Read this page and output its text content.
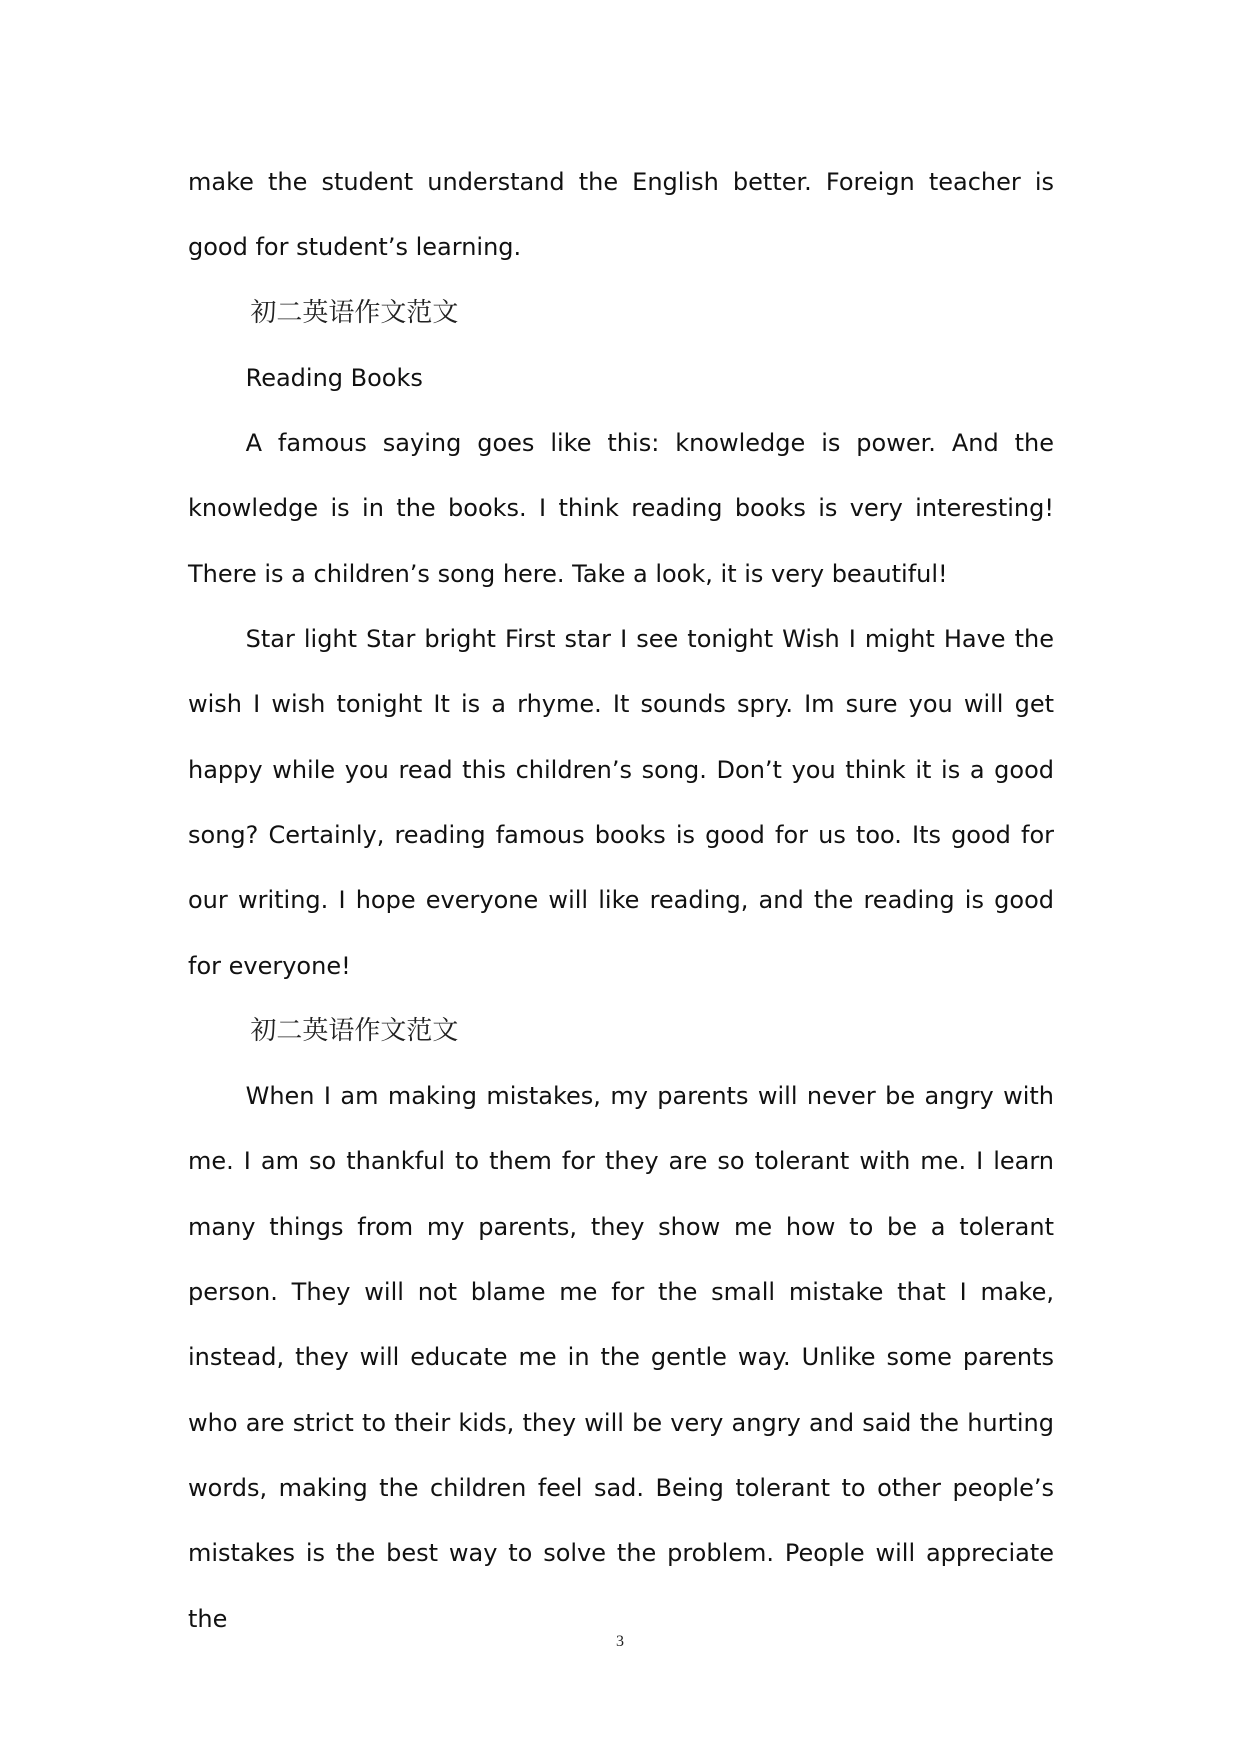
make the student understand the English better. Foreign teacher is good for student’s learning.

初二英语作文范文

Reading Books

A famous saying goes like this: knowledge is power. And the knowledge is in the books. I think reading books is very interesting! There is a children’s song here. Take a look, it is very beautiful!

Star light Star bright First star I see tonight Wish I might Have the wish I wish tonight It is a rhyme. It sounds spry. Im sure you will get happy while you read this children’s song. Don’t you think it is a good song? Certainly, reading famous books is good for us too. Its good for our writing. I hope everyone will like reading, and the reading is good for everyone!

初二英语作文范文

When I am making mistakes, my parents will never be angry with me. I am so thankful to them for they are so tolerant with me. I learn many things from my parents, they show me how to be a tolerant person. They will not blame me for the small mistake that I make, instead, they will educate me in the gentle way. Unlike some parents who are strict to their kids, they will be very angry and said the hurting words, making the children feel sad. Being tolerant to other people’s mistakes is the best way to solve the problem. People will appreciate the

3
